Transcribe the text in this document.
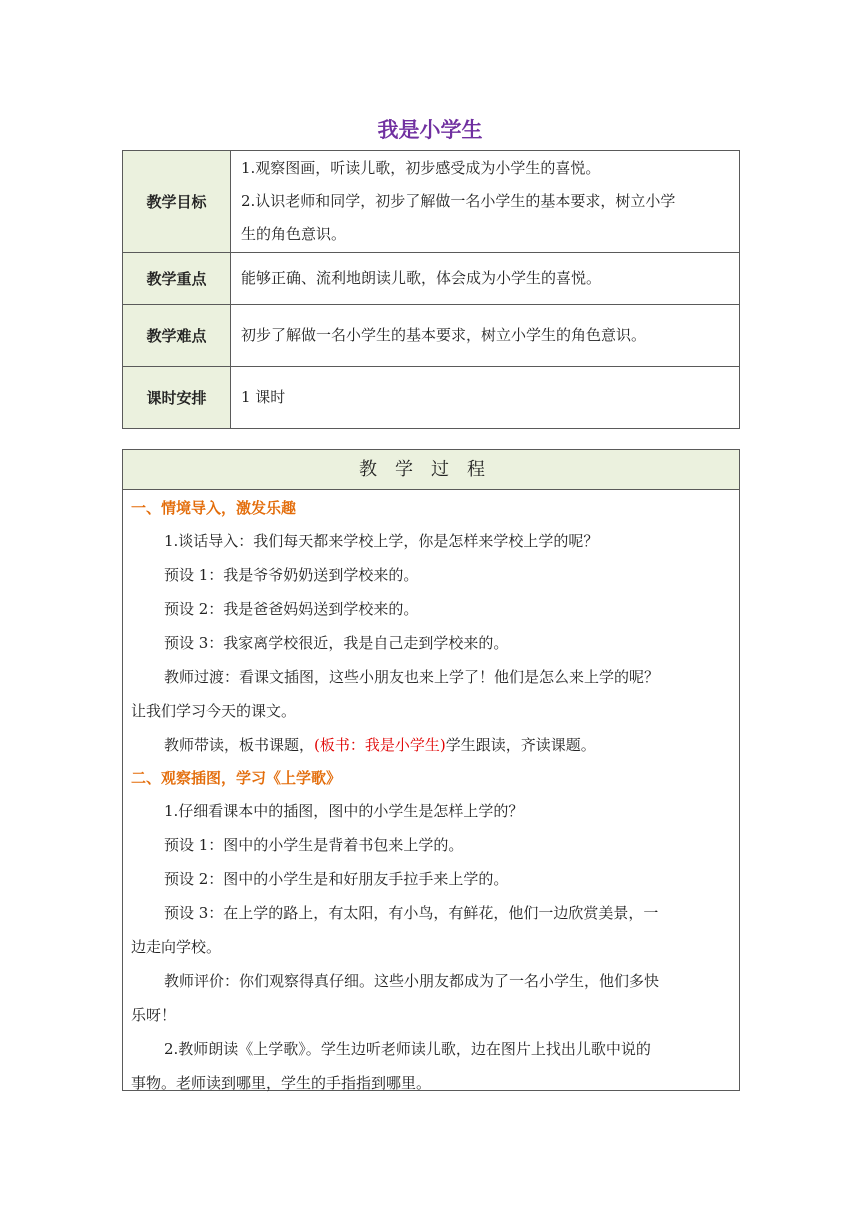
我是小学生
教学目标	1.观察图画，听读儿歌，初步感受成为小学生的喜悦。
2.认识老师和同学，初步了解做一名小学生的基本要求，树立小学
生的角色意识。

教学重点	能够正确、流利地朗读儿歌，体会成为小学生的喜悦。
教学难点	初步了解做一名小学生的基本要求，树立小学生的角色意识。
课时安排	1 课时
教学过程

一、情境导入，激发乐趣

1.谈话导入：我们每天都来学校上学，你是怎样来学校上学的呢？

预设 1：我是爷爷奶奶送到学校来的。

预设 2：我是爸爸妈妈送到学校来的。

预设 3：我家离学校很近，我是自己走到学校来的。

教师过渡：看课文插图，这些小朋友也来上学了！他们是怎么来上学的呢？

让我们学习今天的课文。

教师带读，板书课题，(板书：我是小学生)学生跟读，齐读课题。

二、观察插图，学习《上学歌》

1.仔细看课本中的插图，图中的小学生是怎样上学的？

预设 1：图中的小学生是背着书包来上学的。

预设 2：图中的小学生是和好朋友手拉手来上学的。

预设 3：在上学的路上，有太阳，有小鸟，有鲜花，他们一边欣赏美景，一

边走向学校。

教师评价：你们观察得真仔细。这些小朋友都成为了一名小学生，他们多快

乐呀！

2.教师朗读《上学歌》。学生边听老师读儿歌，边在图片上找出儿歌中说的

事物。老师读到哪里，学生的手指指到哪里。
